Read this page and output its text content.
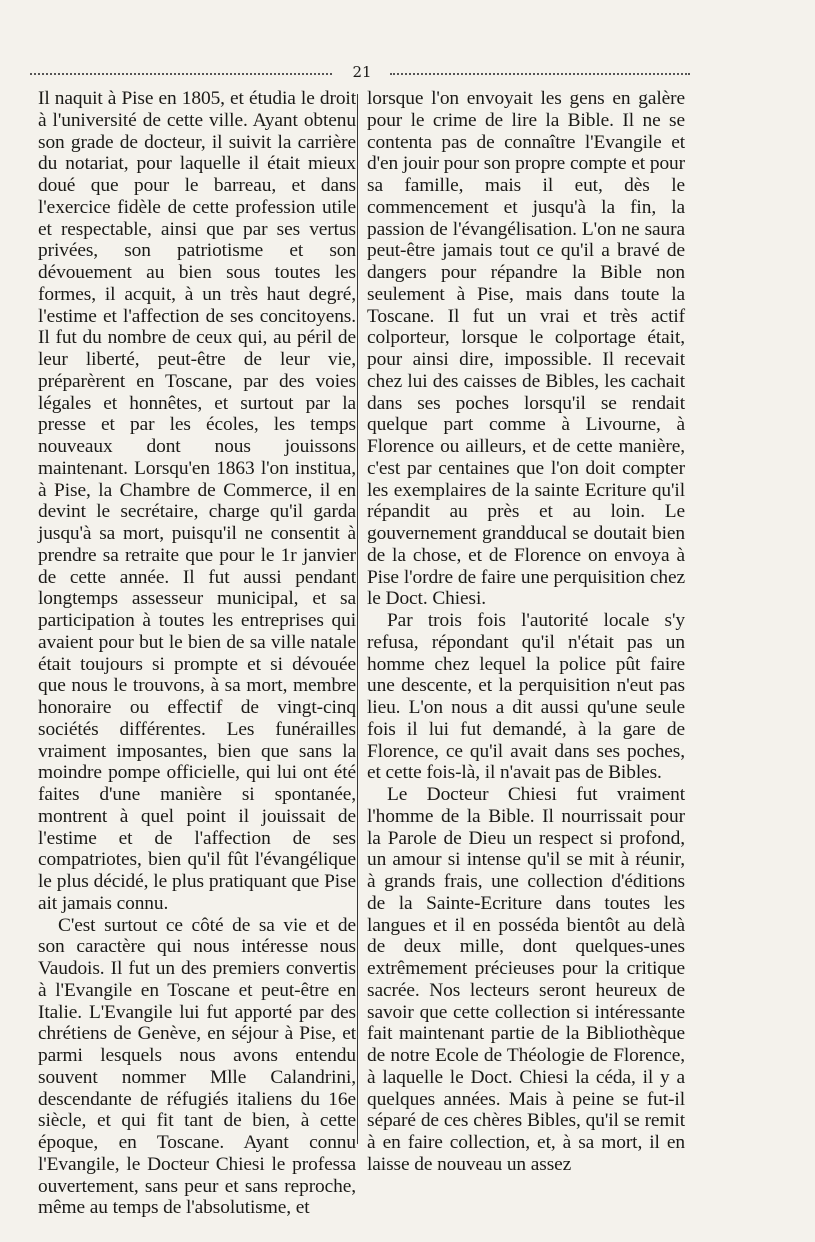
21

Il naquit à Pise en 1805, et étudia le droit à l'université de cette ville. Ayant obtenu son grade de docteur, il suivit la carrière du notariat, pour laquelle il était mieux doué que pour le barreau, et dans l'exercice fidèle de cette profession utile et respectable, ainsi que par ses vertus privées, son patriotisme et son dévouement au bien sous toutes les formes, il acquit, à un très haut degré, l'estime et l'affection de ses concitoyens. Il fut du nombre de ceux qui, au péril de leur liberté, peut-être de leur vie, préparèrent en Toscane, par des voies légales et honnêtes, et surtout par la presse et par les écoles, les temps nouveaux dont nous jouissons maintenant. Lorsqu'en 1863 l'on institua, à Pise, la Chambre de Commerce, il en devint le secrétaire, charge qu'il garda jusqu'à sa mort, puisqu'il ne consentit à prendre sa retraite que pour le 1r janvier de cette année. Il fut aussi pendant longtemps assesseur municipal, et sa participation à toutes les entreprises qui avaient pour but le bien de sa ville natale était toujours si prompte et si dévouée que nous le trouvons, à sa mort, membre honoraire ou effectif de vingt-cinq sociétés différentes. Les funérailles vraiment imposantes, bien que sans la moindre pompe officielle, qui lui ont été faites d'une manière si spontanée, montrent à quel point il jouissait de l'estime et de l'affection de ses compatriotes, bien qu'il fût l'évangélique le plus décidé, le plus pratiquant que Pise ait jamais connu.

C'est surtout ce côté de sa vie et de son caractère qui nous intéresse nous Vaudois. Il fut un des premiers convertis à l'Evangile en Toscane et peut-être en Italie. L'Evangile lui fut apporté par des chrétiens de Genève, en séjour à Pise, et parmi lesquels nous avons entendu souvent nommer Mlle Calandrini, descendante de réfugiés italiens du 16e siècle, et qui fit tant de bien, à cette époque, en Toscane. Ayant connu l'Evangile, le Docteur Chiesi le professa ouvertement, sans peur et sans reproche, même au temps de l'absolutisme, et

lorsque l'on envoyait les gens en galère pour le crime de lire la Bible. Il ne se contenta pas de connaître l'Evangile et d'en jouir pour son propre compte et pour sa famille, mais il eut, dès le commencement et jusqu'à la fin, la passion de l'évangélisation. L'on ne saura peut-être jamais tout ce qu'il a bravé de dangers pour répandre la Bible non seulement à Pise, mais dans toute la Toscane. Il fut un vrai et très actif colporteur, lorsque le colportage était, pour ainsi dire, impossible. Il recevait chez lui des caisses de Bibles, les cachait dans ses poches lorsqu'il se rendait quelque part comme à Livourne, à Florence ou ailleurs, et de cette manière, c'est par centaines que l'on doit compter les exemplaires de la sainte Ecriture qu'il répandit au près et au loin. Le gouvernement grandducal se doutait bien de la chose, et de Florence on envoya à Pise l'ordre de faire une perquisition chez le Doct. Chiesi.

Par trois fois l'autorité locale s'y refusa, répondant qu'il n'était pas un homme chez lequel la police pût faire une descente, et la perquisition n'eut pas lieu. L'on nous a dit aussi qu'une seule fois il lui fut demandé, à la gare de Florence, ce qu'il avait dans ses poches, et cette fois-là, il n'avait pas de Bibles.

Le Docteur Chiesi fut vraiment l'homme de la Bible. Il nourrissait pour la Parole de Dieu un respect si profond, un amour si intense qu'il se mit à réunir, à grands frais, une collection d'éditions de la Sainte-Ecriture dans toutes les langues et il en posséda bientôt au delà de deux mille, dont quelques-unes extrêmement précieuses pour la critique sacrée. Nos lecteurs seront heureux de savoir que cette collection si intéressante fait maintenant partie de la Bibliothèque de notre Ecole de Théologie de Florence, à laquelle le Doct. Chiesi la céda, il y a quelques années. Mais à peine se fut-il séparé de ces chères Bibles, qu'il se remit à en faire collection, et, à sa mort, il en laisse de nouveau un assez
